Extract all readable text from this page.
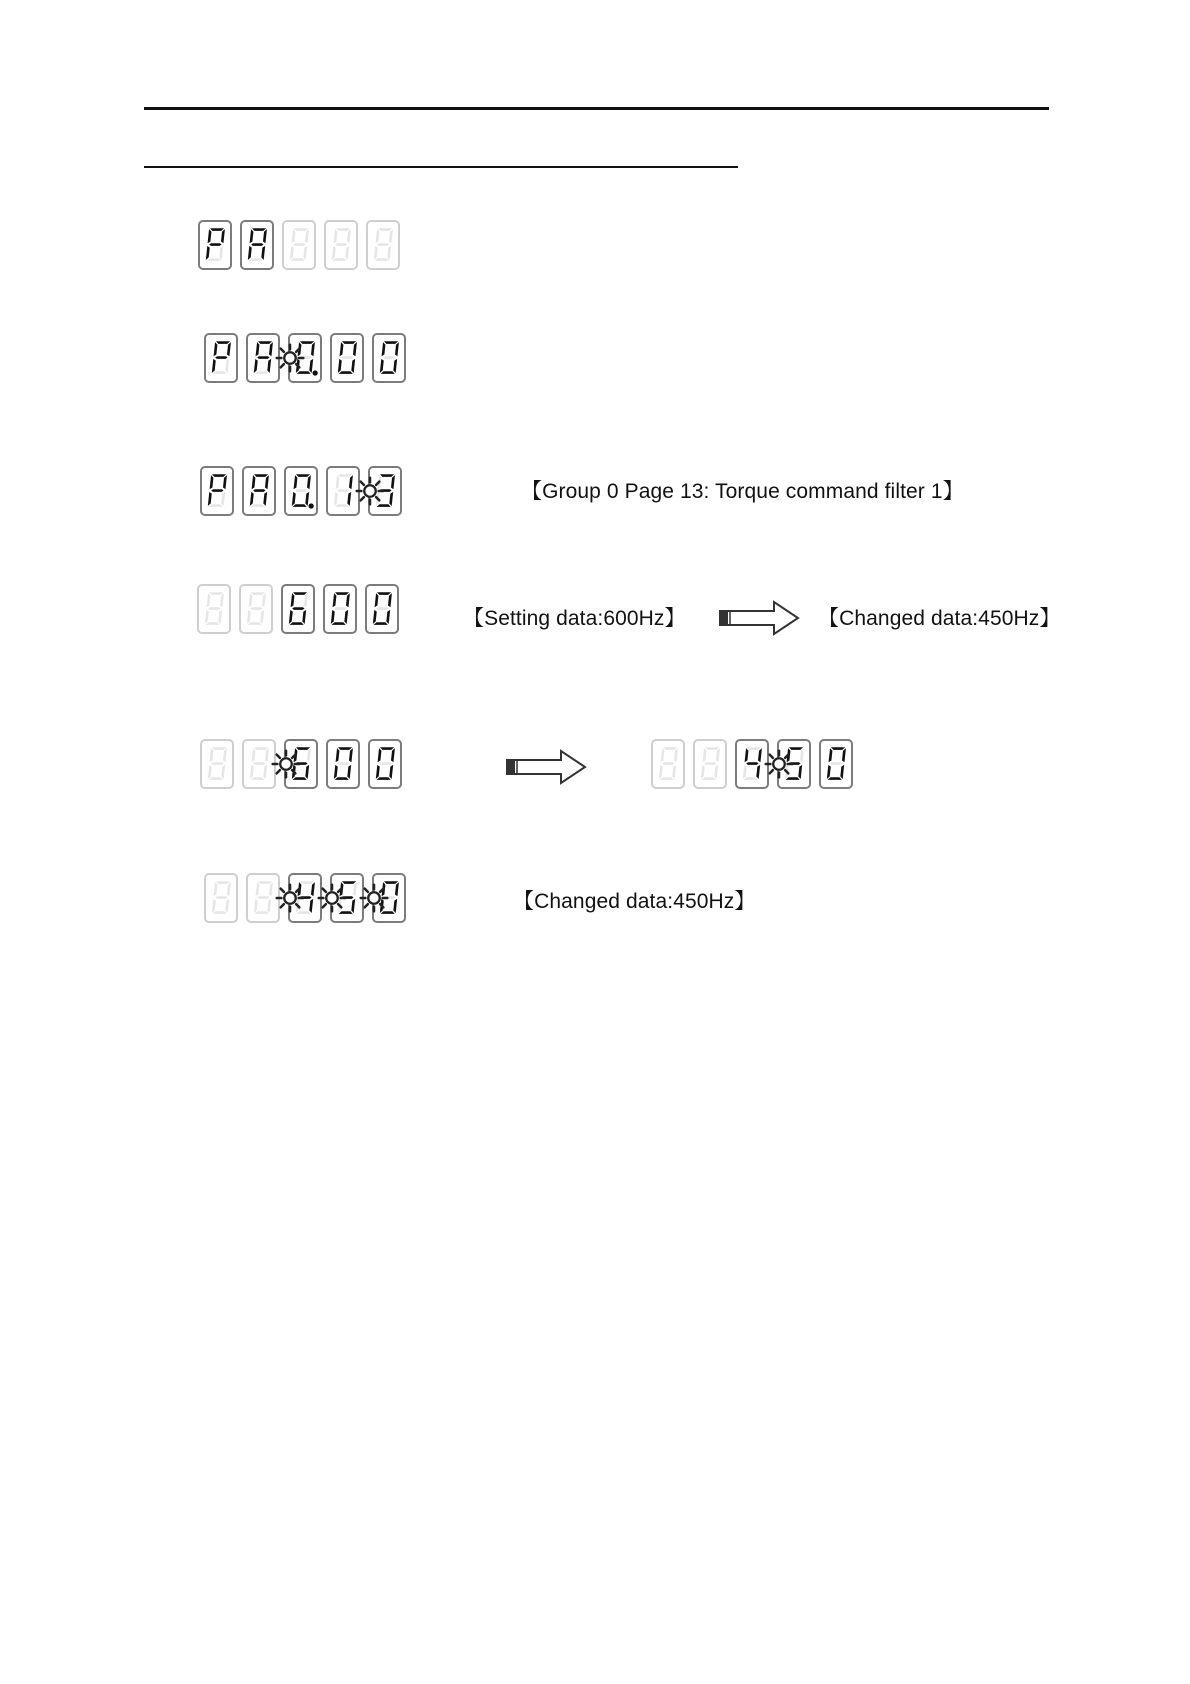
【Group 0 Page 13: Torque command filter 1】
【Setting data:600Hz】	【Changed data:450Hz】
【Changed data:450Hz】
